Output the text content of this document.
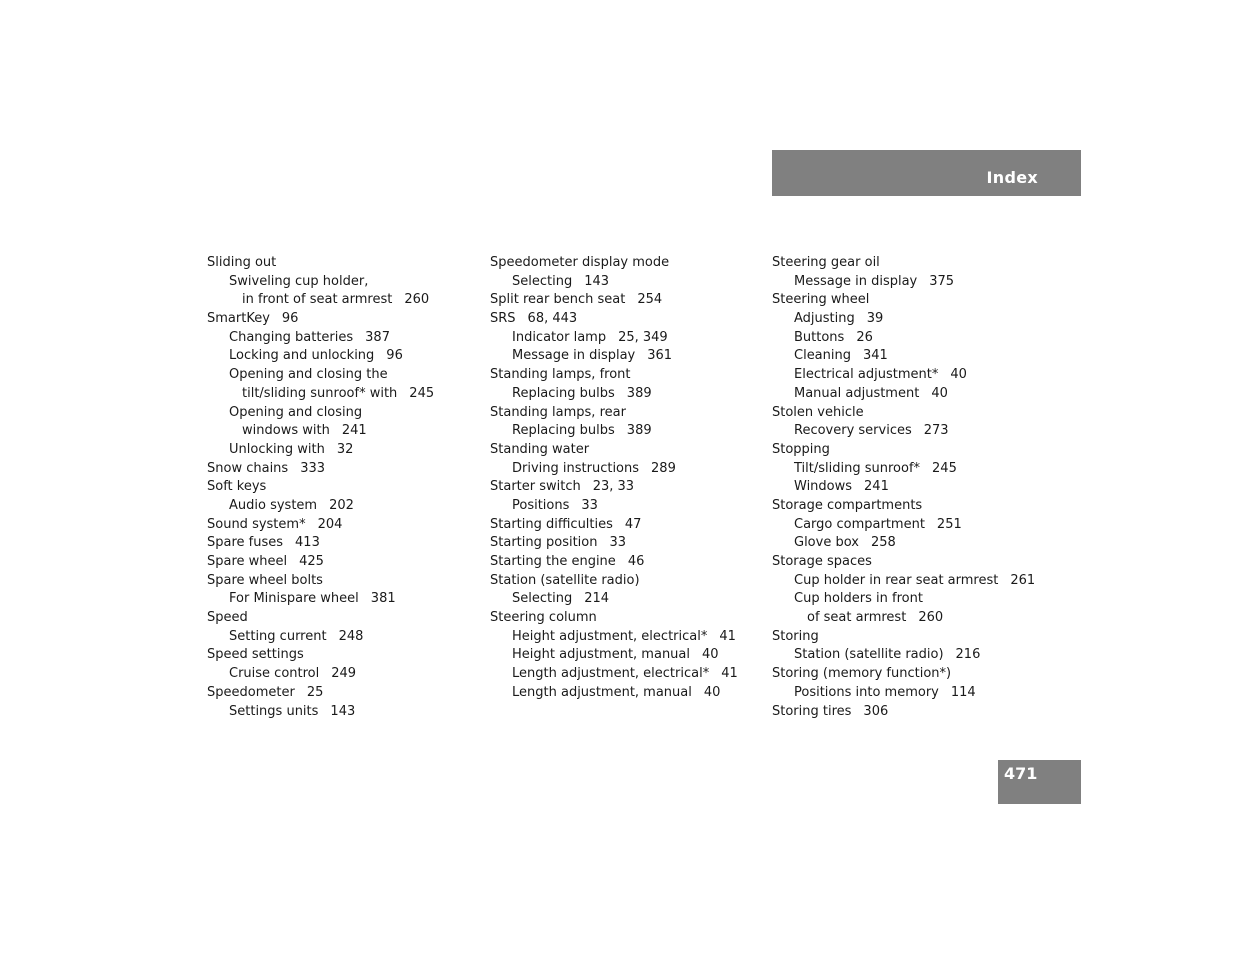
Index
Sliding out
Swiveling cup holder,
in front of seat armrest 260
SmartKey 96
Changing batteries 387
Locking and unlocking 96
Opening and closing the
tilt/sliding sunroof* with 245
Opening and closing
windows with 241
Unlocking with 32
Snow chains 333
Soft keys
Audio system 202
Sound system* 204
Spare fuses 413
Spare wheel 425
Spare wheel bolts
For Minispare wheel 381
Speed
Setting current 248
Speed settings
Cruise control 249
Speedometer 25
Settings units 143
Speedometer display mode
Selecting 143
Split rear bench seat 254
SRS 68, 443
Indicator lamp 25, 349
Message in display 361
Standing lamps, front
Replacing bulbs 389
Standing lamps, rear
Replacing bulbs 389
Standing water
Driving instructions 289
Starter switch 23, 33
Positions 33
Starting difficulties 47
Starting position 33
Starting the engine 46
Station (satellite radio)
Selecting 214
Steering column
Height adjustment, electrical* 41
Height adjustment, manual 40
Length adjustment, electrical* 41
Length adjustment, manual 40
Steering gear oil
Message in display 375
Steering wheel
Adjusting 39
Buttons 26
Cleaning 341
Electrical adjustment* 40
Manual adjustment 40
Stolen vehicle
Recovery services 273
Stopping
Tilt/sliding sunroof* 245
Windows 241
Storage compartments
Cargo compartment 251
Glove box 258
Storage spaces
Cup holder in rear seat armrest 261
Cup holders in front
of seat armrest 260
Storing
Station (satellite radio) 216
Storing (memory function*)
Positions into memory 114
Storing tires 306
471
